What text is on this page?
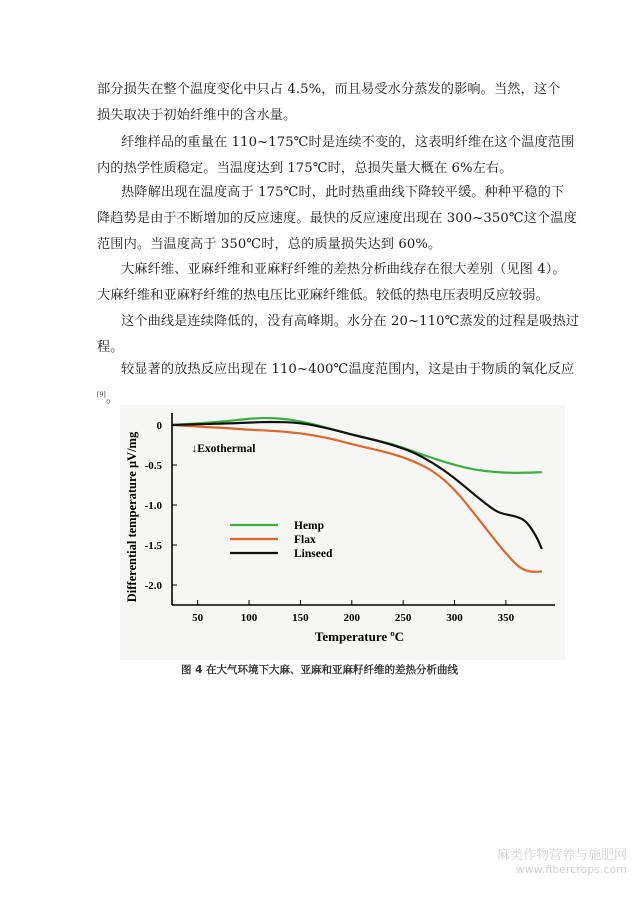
部分损失在整个温度变化中只占 4.5%，而且易受水分蒸发的影响。当然，这个
损失取决于初始纤维中的含水量。

纤维样品的重量在 110~175℃时是连续不变的，这表明纤维在这个温度范围
内的热学性质稳定。当温度达到 175℃时，总损失量大概在 6%左右。

热降解出现在温度高于 175℃时，此时热重曲线下降较平缓。种种平稳的下
降趋势是由于不断增加的反应速度。最快的反应速度出现在 300~350℃这个温度
范围内。当温度高于 350℃时，总的质量损失达到 60%。

大麻纤维、亚麻纤维和亚麻籽纤维的差热分析曲线存在很大差别（见图 4）。
大麻纤维和亚麻籽纤维的热电压比亚麻纤维低。较低的热电压表明反应较弱。

这个曲线是连续降低的，没有高峰期。水分在 20~110℃蒸发的过程是吸热过
程。

较显著的放热反应出现在 110~400℃温度范围内，这是由于物质的氧化反应
[9]。

50	100	150	200	250	300	350
0
-0.5
-1.0
-1.5
-2.0
Temperature ºC
Differential temperature μV/mg	↓Exothermal
Hemp
Flax
Linseed
图 4 在大气环境下大麻、亚麻和亚麻籽纤维的差热分析曲线
麻类作物营养与施肥网
www.fibercrops.com
